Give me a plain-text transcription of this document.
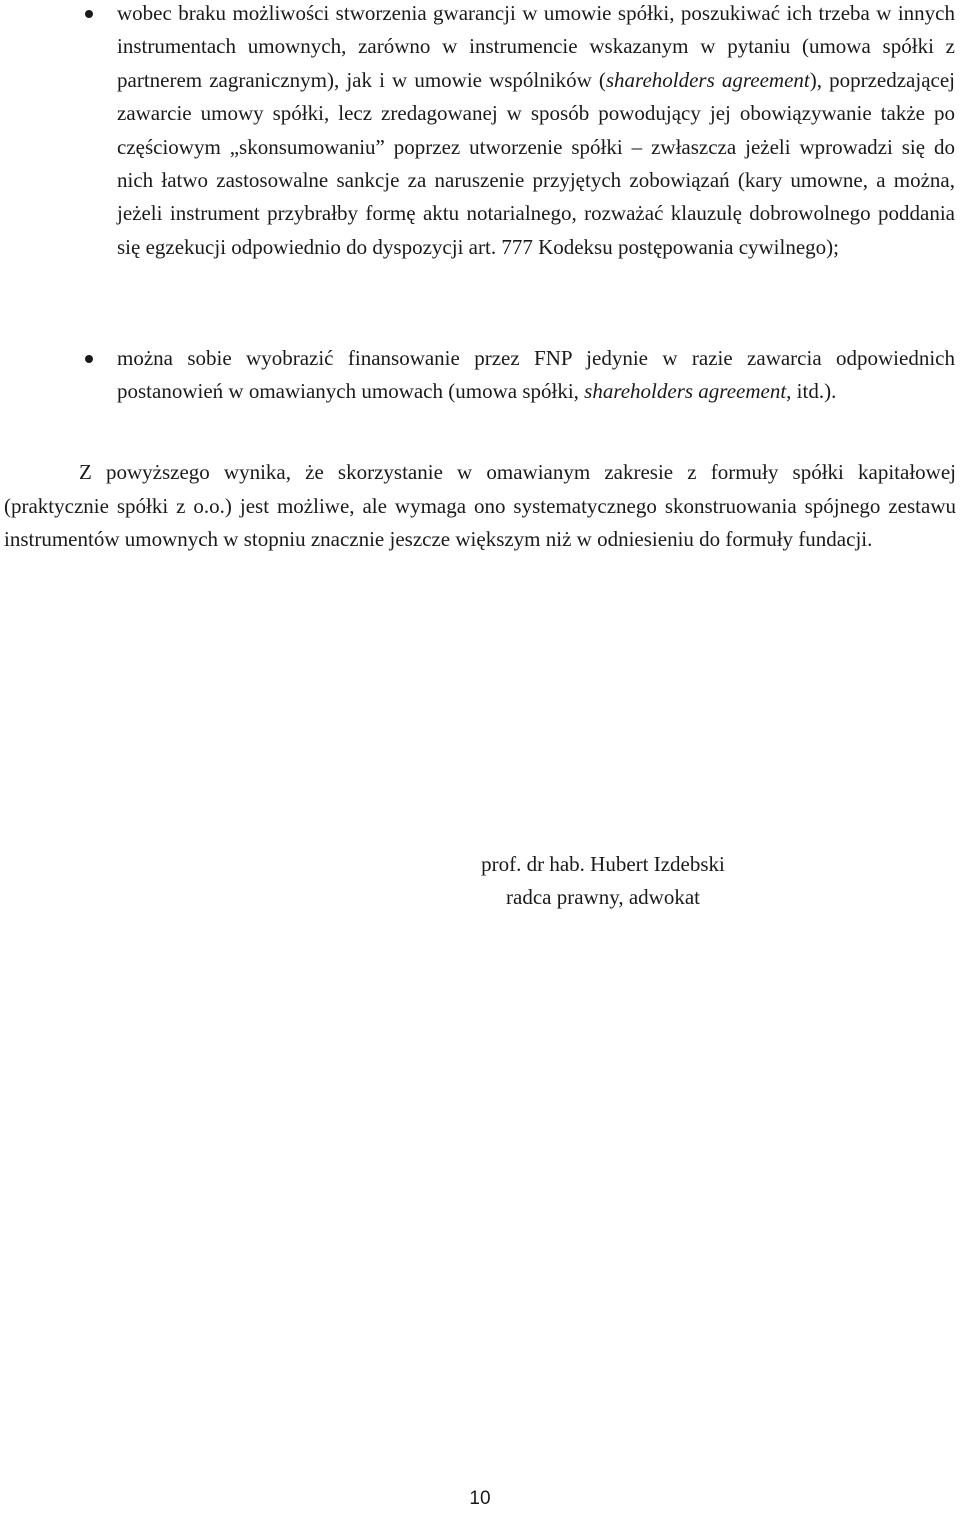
wobec braku możliwości stworzenia gwarancji w umowie spółki, poszukiwać ich trzeba w innych instrumentach umownych, zarówno w instrumencie wskazanym w pytaniu (umowa spółki z partnerem zagranicznym), jak i w umowie wspólników (shareholders agreement), poprzedzającej zawarcie umowy spółki, lecz zredagowanej w sposób powodujący jej obowiązywanie także po częściowym „skonsumowaniu” poprzez utworzenie spółki – zwłaszcza jeżeli wprowadzi się do nich łatwo zastosowalne sankcje za naruszenie przyjętych zobowiązań (kary umowne, a można, jeżeli instrument przybrałby formę aktu notarialnego, rozważać klauzulę dobrowolnego poddania się egzekucji odpowiednio do dyspozycji art. 777 Kodeksu postępowania cywilnego);
można sobie wyobrazić finansowanie przez FNP jedynie w razie zawarcia odpowiednich postanowień w omawianych umowach (umowa spółki, shareholders agreement, itd.).

Z powyższego wynika, że skorzystanie w omawianym zakresie z formuły spółki kapitałowej (praktycznie spółki z o.o.) jest możliwe, ale wymaga ono systematycznego skonstruowania spójnego zestawu instrumentów umownych w stopniu znacznie jeszcze większym niż w odniesieniu do formuły fundacji.

prof. dr hab. Hubert Izdebski
radca prawny, adwokat
10
